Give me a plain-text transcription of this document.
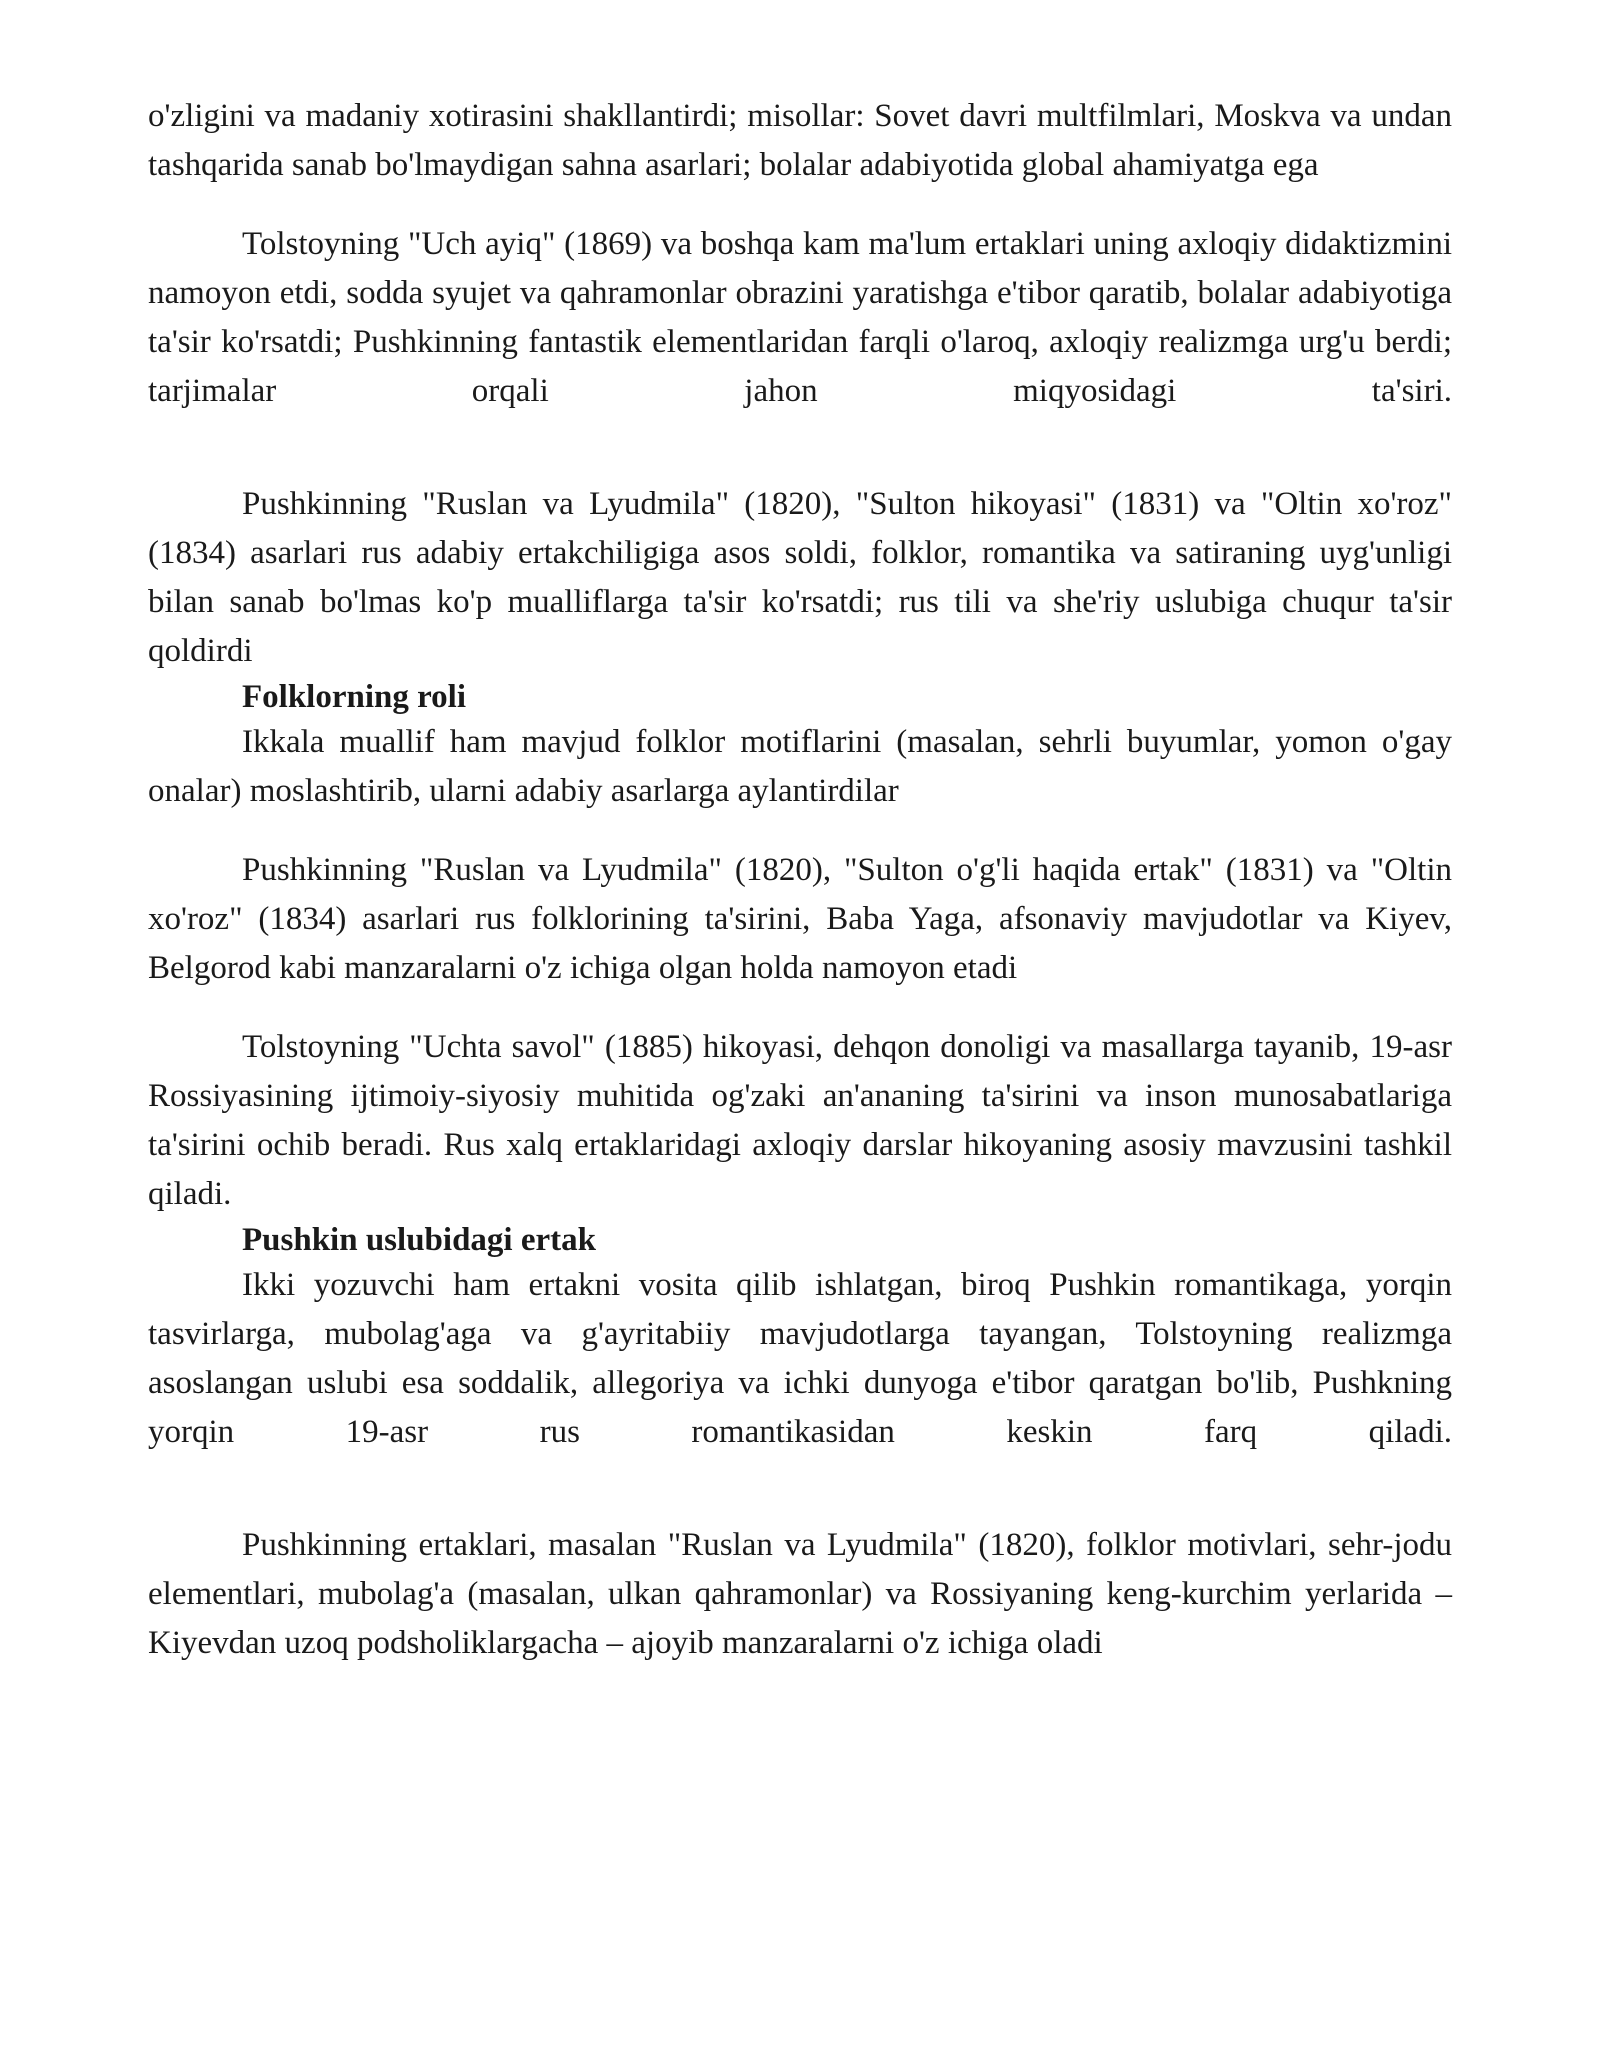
o'zligini va madaniy xotirasini shakllantirdi; misollar: Sovet davri multfilmlari, Moskva va undan tashqarida sanab bo'lmaydigan sahna asarlari; bolalar adabiyotida global ahamiyatga ega

Tolstoyning "Uch ayiq" (1869) va boshqa kam ma'lum ertaklari uning axloqiy didaktizmini namoyon etdi, sodda syujet va qahramonlar obrazini yaratishga e'tibor qaratib, bolalar adabiyotiga ta'sir ko'rsatdi; Pushkinning fantastik elementlaridan farqli o'laroq, axloqiy realizmga urg'u berdi; tarjimalar orqali jahon miqyosidagi ta'siri.

Pushkinning "Ruslan va Lyudmila" (1820), "Sulton hikoyasi" (1831) va "Oltin xo'roz" (1834) asarlari rus adabiy ertakchiligiga asos soldi, folklor, romantika va satiraning uyg'unligi bilan sanab bo'lmas ko'p mualliflarga ta'sir ko'rsatdi; rus tili va she'riy uslubiga chuqur ta'sir qoldirdi

Folklorning roli

Ikkala muallif ham mavjud folklor motiflarini (masalan, sehrli buyumlar, yomon o'gay onalar) moslashtirib, ularni adabiy asarlarga aylantirdilar

Pushkinning "Ruslan va Lyudmila" (1820), "Sulton o'g'li haqida ertak" (1831) va "Oltin xo'roz" (1834) asarlari rus folklorining ta'sirini, Baba Yaga, afsonaviy mavjudotlar va Kiyev, Belgorod kabi manzaralarni o'z ichiga olgan holda namoyon etadi

Tolstoyning "Uchta savol" (1885) hikoyasi, dehqon donoligi va masallarga tayanib, 19-asr Rossiyasining ijtimoiy-siyosiy muhitida og'zaki an'ananing ta'sirini va inson munosabatlariga ta'sirini ochib beradi. Rus xalq ertaklaridagi axloqiy darslar hikoyaning asosiy mavzusini tashkil qiladi.

Pushkin uslubidagi ertak

Ikki yozuvchi ham ertakni vosita qilib ishlatgan, biroq Pushkin romantikaga, yorqin tasvirlarga, mubolag'aga va g'ayritabiiy mavjudotlarga tayangan, Tolstoyning realizmga asoslangan uslubi esa soddalik, allegoriya va ichki dunyoga e'tibor qaratgan bo'lib, Pushkning yorqin 19-asr rus romantikasidan keskin farq qiladi.

Pushkinning ertaklari, masalan "Ruslan va Lyudmila" (1820), folklor motivlari, sehr-jodu elementlari, mubolag'a (masalan, ulkan qahramonlar) va Rossiyaning keng-kurchim yerlarida – Kiyevdan uzoq podsholiklargacha – ajoyib manzaralarni o'z ichiga oladi
